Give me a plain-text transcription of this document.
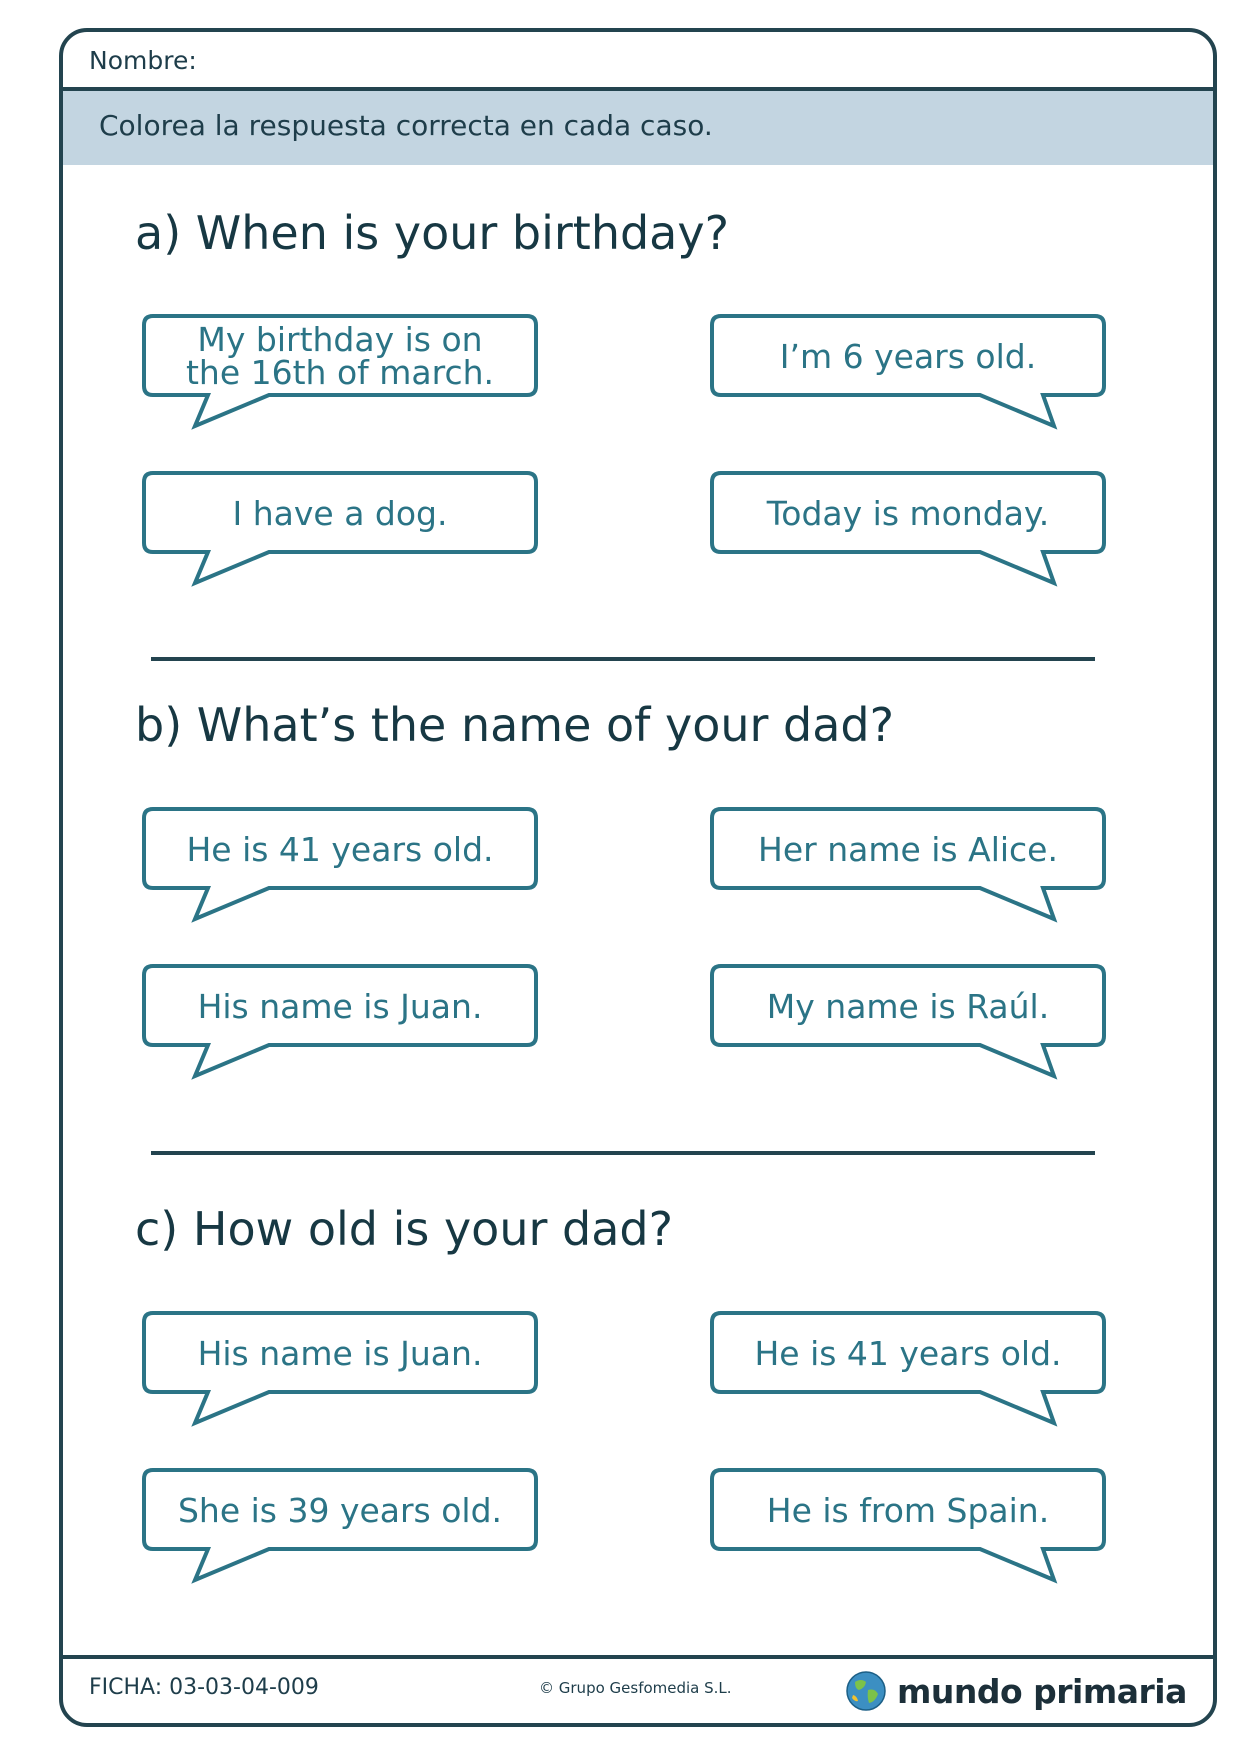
Nombre:
Colorea la respuesta correcta en cada caso.
a) When is your birthday?
My birthday is on
the 16th of march.	I’m 6 years old.
I have a dog.	Today is monday.
b) What’s the name of your dad?
He is 41 years old.	Her name is Alice.
His name is Juan.	My name is Raúl.
c) How old is your dad?
His name is Juan.	He is 41 years old.
She is 39 years old.	He is from Spain.
FICHA: 03-03-04-009	© Grupo Gesfomedia S.L.	mundo primaria
